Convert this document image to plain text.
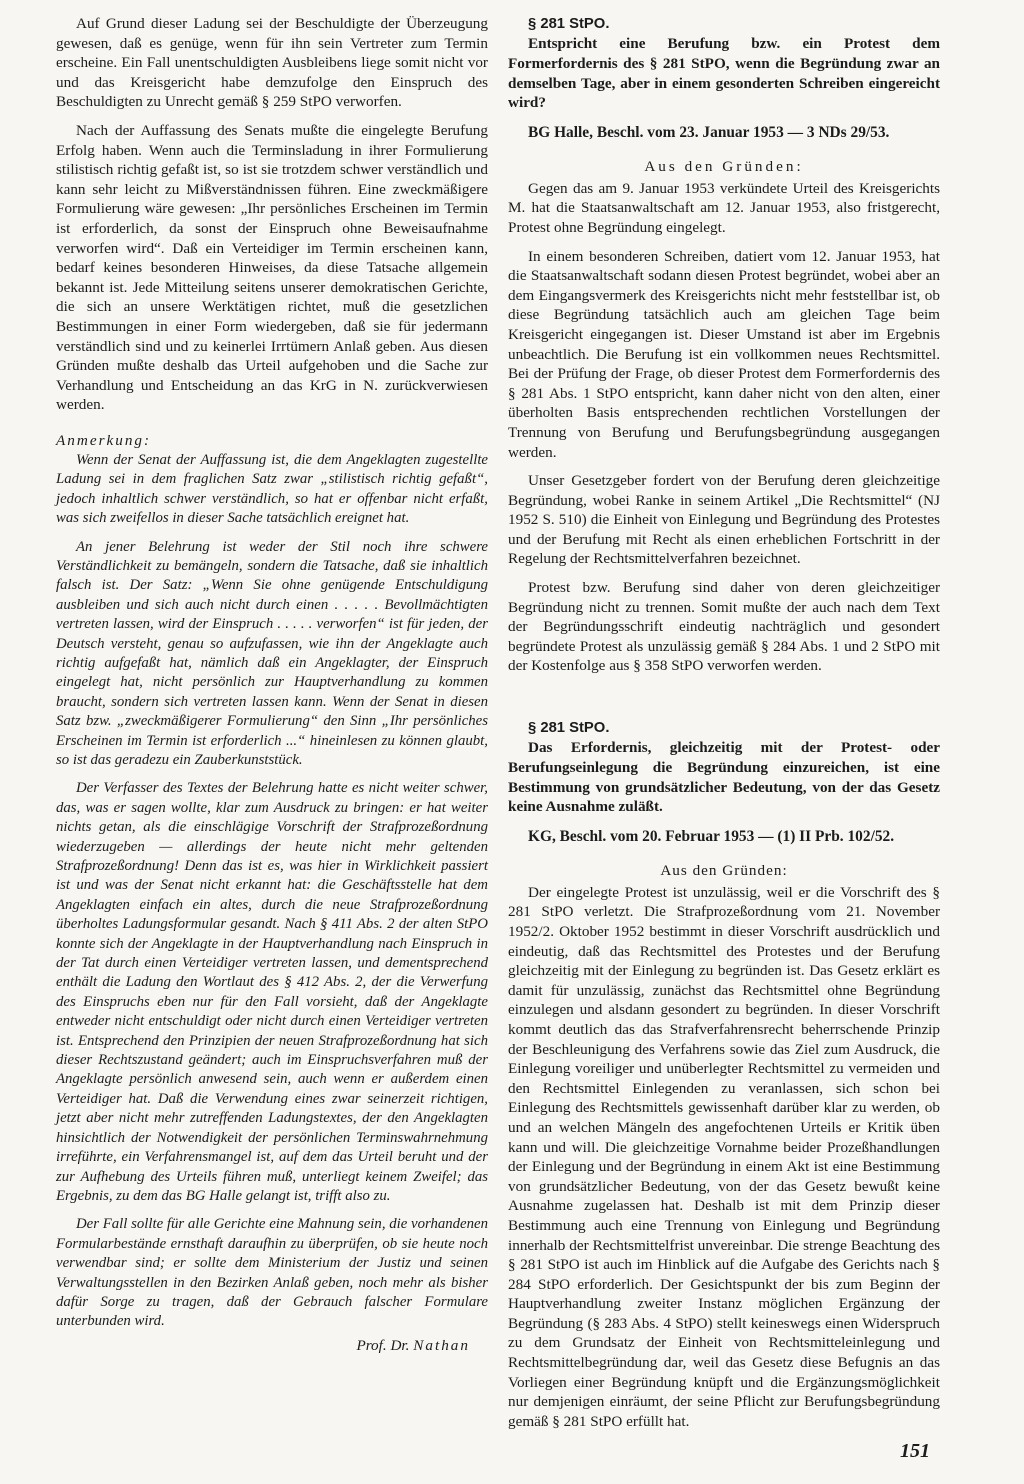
Auf Grund dieser Ladung sei der Beschuldigte der Überzeugung gewesen, daß es genüge, wenn für ihn sein Vertreter zum Termin erscheine. Ein Fall unentschuldigten Ausbleibens liege somit nicht vor und das Kreisgericht habe demzufolge den Einspruch des Beschuldigten zu Unrecht gemäß § 259 StPO verworfen.

Nach der Auffassung des Senats mußte die eingelegte Berufung Erfolg haben. Wenn auch die Terminsladung in ihrer Formulierung stilistisch richtig gefaßt ist, so ist sie trotzdem schwer verständlich und kann sehr leicht zu Mißverständnissen führen. Eine zweckmäßigere Formulierung wäre gewesen: „Ihr persönliches Erscheinen im Termin ist erforderlich, da sonst der Einspruch ohne Beweisaufnahme verworfen wird“. Daß ein Verteidiger im Termin erscheinen kann, bedarf keines besonderen Hinweises, da diese Tatsache allgemein bekannt ist. Jede Mitteilung seitens unserer demokratischen Gerichte, die sich an unsere Werktätigen richtet, muß die gesetzlichen Bestimmungen in einer Form wiedergeben, daß sie für jedermann verständlich sind und zu keinerlei Irrtümern Anlaß geben. Aus diesen Gründen mußte deshalb das Urteil aufgehoben und die Sache zur Verhandlung und Entscheidung an das KrG in N. zurückverwiesen werden.

Anmerkung:

Wenn der Senat der Auffassung ist, die dem Angeklagten zugestellte Ladung sei in dem fraglichen Satz zwar „stilistisch richtig gefaßt“, jedoch inhaltlich schwer verständlich, so hat er offenbar nicht erfaßt, was sich zweifellos in dieser Sache tatsächlich ereignet hat.

An jener Belehrung ist weder der Stil noch ihre schwere Verständlichkeit zu bemängeln, sondern die Tatsache, daß sie inhaltlich falsch ist. Der Satz: „Wenn Sie ohne genügende Entschuldigung ausbleiben und sich auch nicht durch einen . . . . . Bevollmächtigten vertreten lassen, wird der Einspruch . . . . . verworfen“ ist für jeden, der Deutsch versteht, genau so aufzufassen, wie ihn der Angeklagte auch richtig aufgefaßt hat, nämlich daß ein Angeklagter, der Einspruch eingelegt hat, nicht persönlich zur Hauptverhandlung zu kommen braucht, sondern sich vertreten lassen kann. Wenn der Senat in diesen Satz bzw. „zweckmäßigerer Formulierung“ den Sinn „Ihr persönliches Erscheinen im Termin ist erforderlich ...“ hineinlesen zu können glaubt, so ist das geradezu ein Zauberkunststück.

Der Verfasser des Textes der Belehrung hatte es nicht weiter schwer, das, was er sagen wollte, klar zum Ausdruck zu bringen: er hat weiter nichts getan, als die einschlägige Vorschrift der Strafprozeßordnung wiederzugeben — allerdings der heute nicht mehr geltenden Strafprozeßordnung! Denn das ist es, was hier in Wirklichkeit passiert ist und was der Senat nicht erkannt hat: die Geschäftsstelle hat dem Angeklagten einfach ein altes, durch die neue Strafprozeßordnung überholtes Ladungsformular gesandt. Nach § 411 Abs. 2 der alten StPO konnte sich der Angeklagte in der Hauptverhandlung nach Einspruch in der Tat durch einen Verteidiger vertreten lassen, und dementsprechend enthält die Ladung den Wortlaut des § 412 Abs. 2, der die Verwerfung des Einspruchs eben nur für den Fall vorsieht, daß der Angeklagte entweder nicht entschuldigt oder nicht durch einen Verteidiger vertreten ist. Entsprechend den Prinzipien der neuen Strafprozeßordnung hat sich dieser Rechtszustand geändert; auch im Einspruchsverfahren muß der Angeklagte persönlich anwesend sein, auch wenn er außerdem einen Verteidiger hat. Daß die Verwendung eines zwar seinerzeit richtigen, jetzt aber nicht mehr zutreffenden Ladungstextes, der den Angeklagten hinsichtlich der Notwendigkeit der persönlichen Terminswahrnehmung irreführte, ein Verfahrensmangel ist, auf dem das Urteil beruht und der zur Aufhebung des Urteils führen muß, unterliegt keinem Zweifel; das Ergebnis, zu dem das BG Halle gelangt ist, trifft also zu.

Der Fall sollte für alle Gerichte eine Mahnung sein, die vorhandenen Formularbestände ernsthaft daraufhin zu überprüfen, ob sie heute noch verwendbar sind; er sollte dem Ministerium der Justiz und seinen Verwaltungsstellen in den Bezirken Anlaß geben, noch mehr als bisher dafür Sorge zu tragen, daß der Gebrauch falscher Formulare unterbunden wird.

Prof. Dr. Nathan

§ 281 StPO.

Entspricht eine Berufung bzw. ein Protest dem Formerfordernis des § 281 StPO, wenn die Begründung zwar an demselben Tage, aber in einem gesonderten Schreiben eingereicht wird?

BG Halle, Beschl. vom 23. Januar 1953 — 3 NDs 29/53.

Aus den Gründen:

Gegen das am 9. Januar 1953 verkündete Urteil des Kreisgerichts M. hat die Staatsanwaltschaft am 12. Januar 1953, also fristgerecht, Protest ohne Begründung eingelegt.

In einem besonderen Schreiben, datiert vom 12. Januar 1953, hat die Staatsanwaltschaft sodann diesen Protest begründet, wobei aber an dem Eingangsvermerk des Kreisgerichts nicht mehr feststellbar ist, ob diese Begründung tatsächlich auch am gleichen Tage beim Kreisgericht eingegangen ist. Dieser Umstand ist aber im Ergebnis unbeachtlich. Die Berufung ist ein vollkommen neues Rechtsmittel. Bei der Prüfung der Frage, ob dieser Protest dem Formerfordernis des § 281 Abs. 1 StPO entspricht, kann daher nicht von den alten, einer überholten Basis entsprechenden rechtlichen Vorstellungen der Trennung von Berufung und Berufungsbegründung ausgegangen werden.

Unser Gesetzgeber fordert von der Berufung deren gleichzeitige Begründung, wobei Ranke in seinem Artikel „Die Rechtsmittel“ (NJ 1952 S. 510) die Einheit von Einlegung und Begründung des Protestes und der Berufung mit Recht als einen erheblichen Fortschritt in der Regelung der Rechtsmittelverfahren bezeichnet.

Protest bzw. Berufung sind daher von deren gleichzeitiger Begründung nicht zu trennen. Somit mußte der auch nach dem Text der Begründungsschrift eindeutig nachträglich und gesondert begründete Protest als unzulässig gemäß § 284 Abs. 1 und 2 StPO mit der Kostenfolge aus § 358 StPO verworfen werden.

§ 281 StPO.

Das Erfordernis, gleichzeitig mit der Protest- oder Berufungseinlegung die Begründung einzureichen, ist eine Bestimmung von grundsätzlicher Bedeutung, von der das Gesetz keine Ausnahme zuläßt.

KG, Beschl. vom 20. Februar 1953 — (1) II Prb. 102/52.

Aus den Gründen:

Der eingelegte Protest ist unzulässig, weil er die Vorschrift des § 281 StPO verletzt. Die Strafprozeßordnung vom 21. November 1952/2. Oktober 1952 bestimmt in dieser Vorschrift ausdrücklich und eindeutig, daß das Rechtsmittel des Protestes und der Berufung gleichzeitig mit der Einlegung zu begründen ist. Das Gesetz erklärt es damit für unzulässig, zunächst das Rechtsmittel ohne Begründung einzulegen und alsdann gesondert zu begründen. In dieser Vorschrift kommt deutlich das das Strafverfahrensrecht beherrschende Prinzip der Beschleunigung des Verfahrens sowie das Ziel zum Ausdruck, die Einlegung voreiliger und unüberlegter Rechtsmittel zu vermeiden und den Rechtsmittel Einlegenden zu veranlassen, sich schon bei Einlegung des Rechtsmittels gewissenhaft darüber klar zu werden, ob und an welchen Mängeln des angefochtenen Urteils er Kritik üben kann und will. Die gleichzeitige Vornahme beider Prozeßhandlungen der Einlegung und der Begründung in einem Akt ist eine Bestimmung von grundsätzlicher Bedeutung, von der das Gesetz bewußt keine Ausnahme zugelassen hat. Deshalb ist mit dem Prinzip dieser Bestimmung auch eine Trennung von Einlegung und Begründung innerhalb der Rechtsmittelfrist unvereinbar. Die strenge Beachtung des § 281 StPO ist auch im Hinblick auf die Aufgabe des Gerichts nach § 284 StPO erforderlich. Der Gesichtspunkt der bis zum Beginn der Hauptverhandlung zweiter Instanz möglichen Ergänzung der Begründung (§ 283 Abs. 4 StPO) stellt keineswegs einen Widerspruch zu dem Grundsatz der Einheit von Rechtsmitteleinlegung und Rechtsmittelbegründung dar, weil das Gesetz diese Befugnis an das Vorliegen einer Begründung knüpft und die Ergänzungsmöglichkeit nur demjenigen einräumt, der seine Pflicht zur Berufungsbegründung gemäß § 281 StPO erfüllt hat.

151
